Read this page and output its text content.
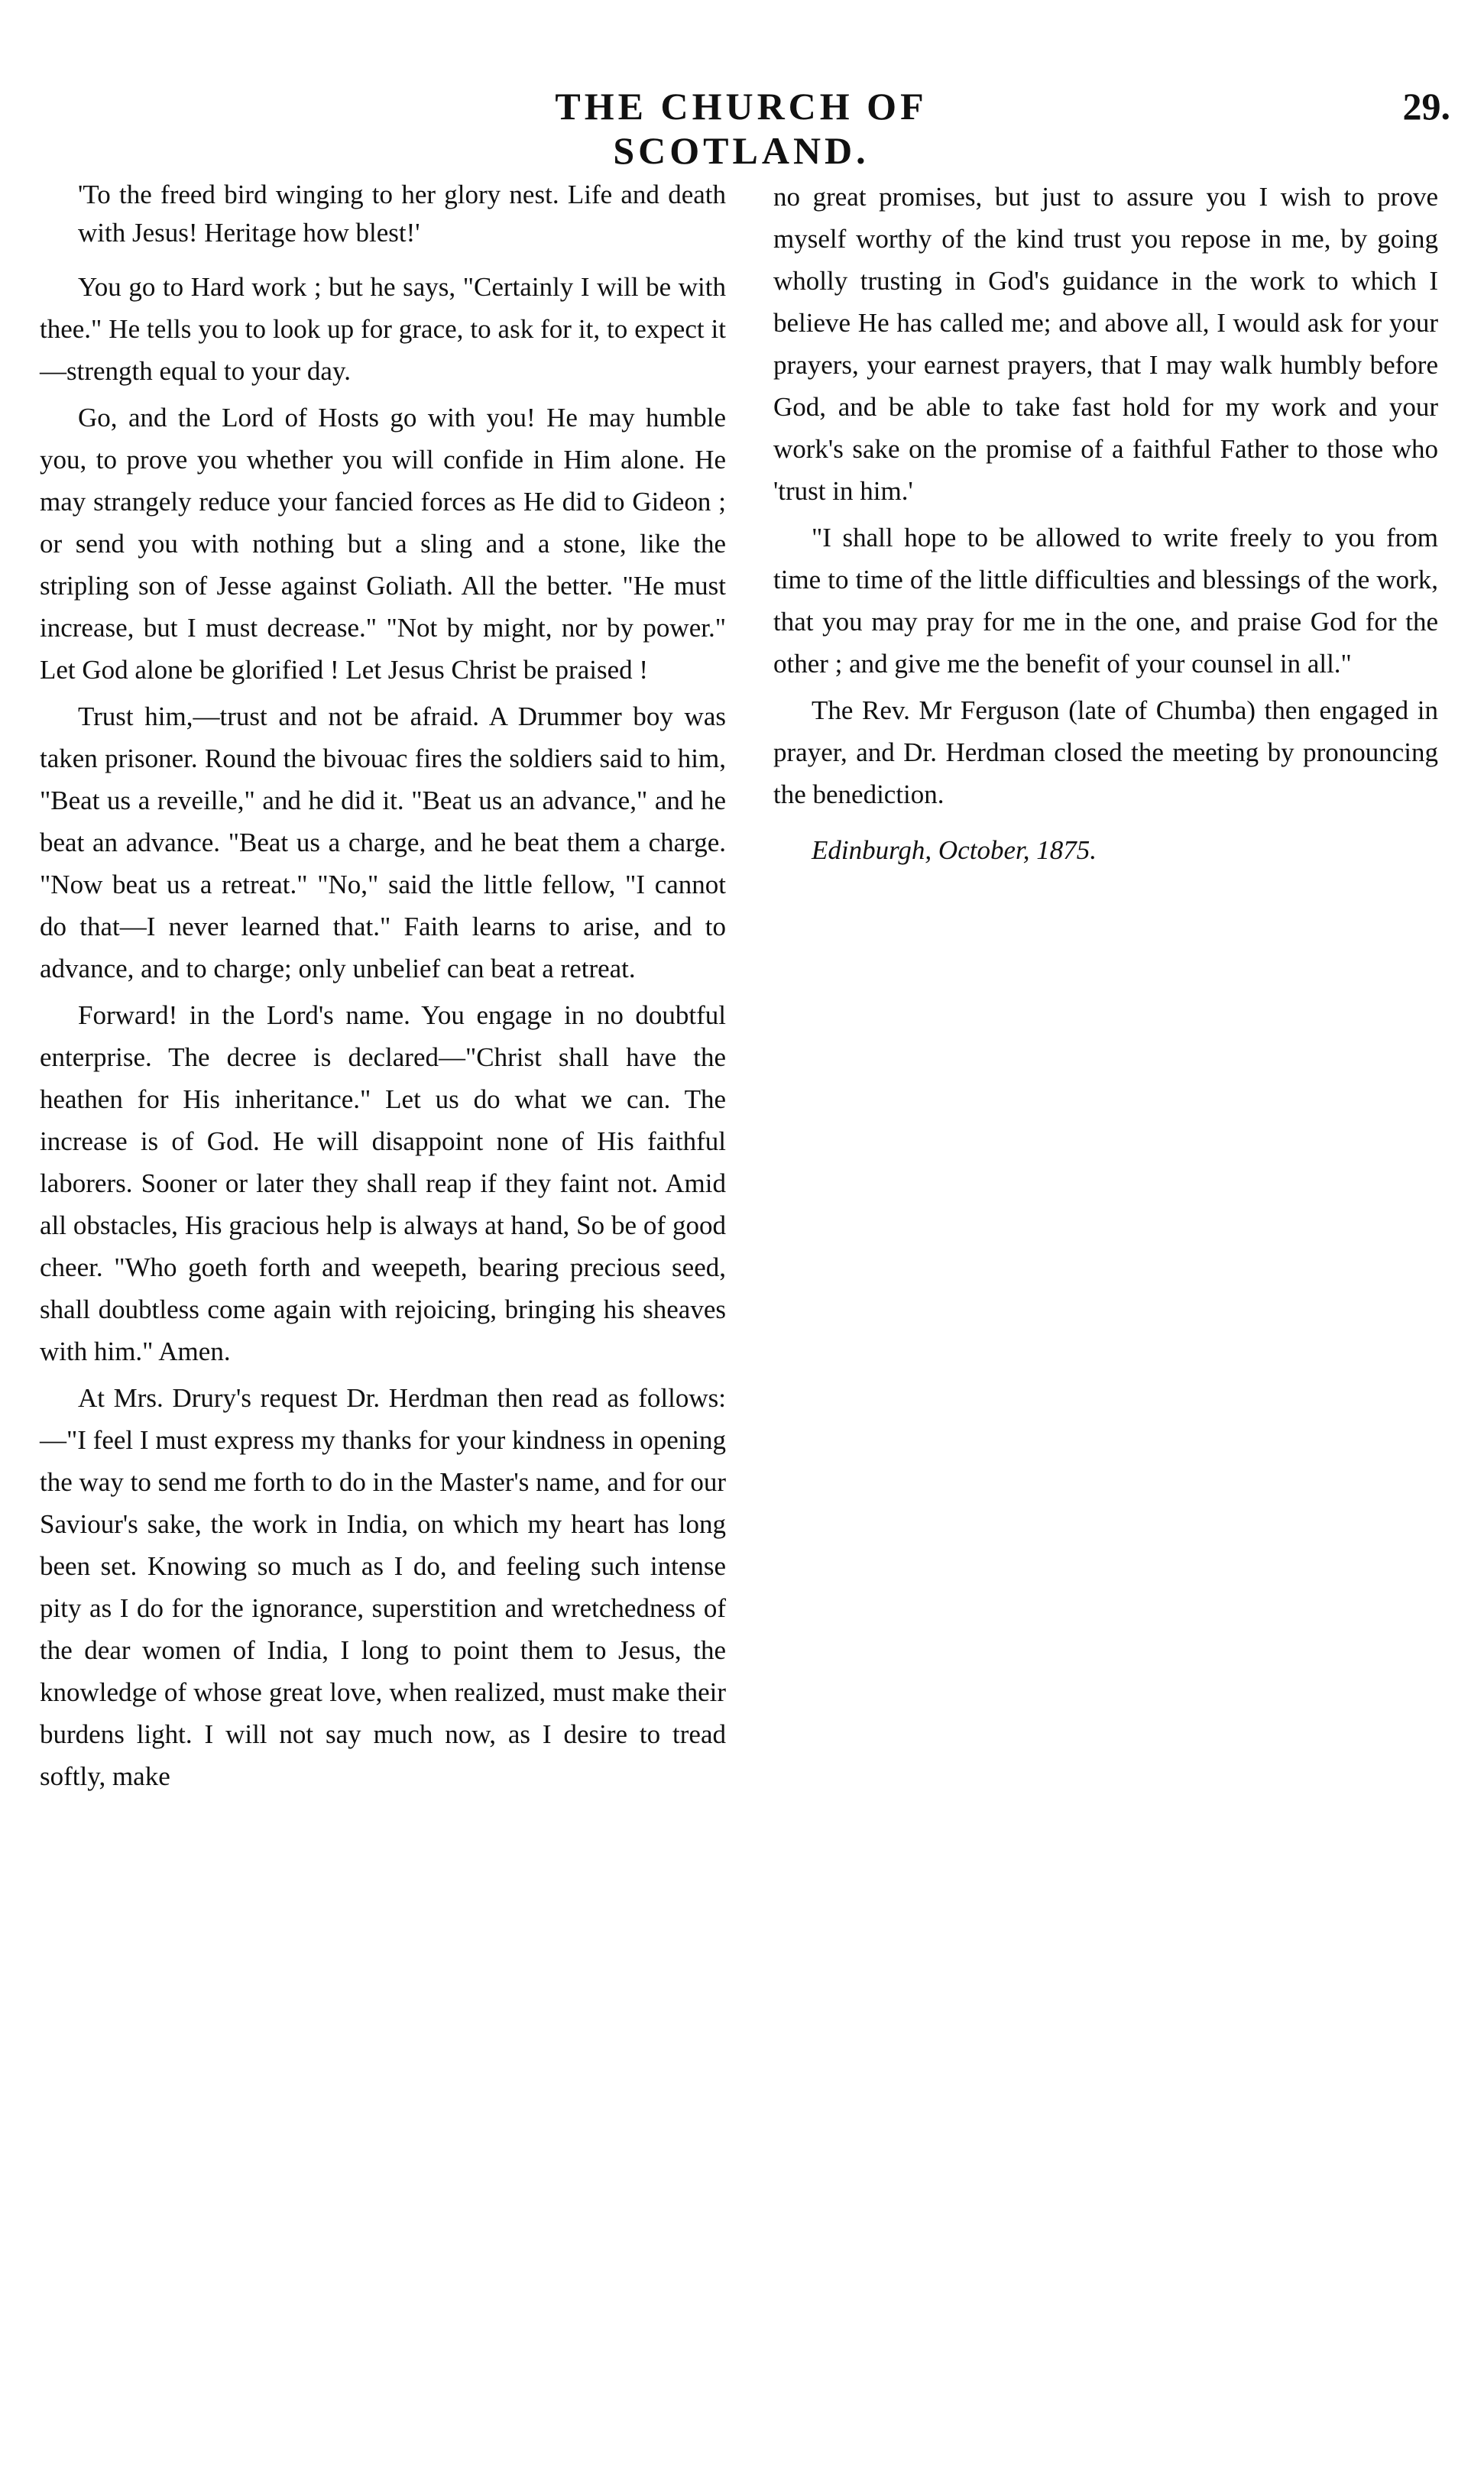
THE CHURCH OF SCOTLAND.
29.

'To the freed bird winging to her glory nest. Life and death with Jesus! Heritage how blest!'

You go to Hard work ; but he says, "Certainly I will be with thee." He tells you to look up for grace, to ask for it, to expect it—strength equal to your day.

Go, and the Lord of Hosts go with you! He may humble you, to prove you whether you will confide in Him alone. He may strangely reduce your fancied forces as He did to Gideon ; or send you with nothing but a sling and a stone, like the stripling son of Jesse against Goliath. All the better. "He must increase, but I must decrease." "Not by might, nor by power." Let God alone be glorified ! Let Jesus Christ be praised !

Trust him,—trust and not be afraid. A Drummer boy was taken prisoner. Round the bivouac fires the soldiers said to him, "Beat us a reveille," and he did it. "Beat us an advance," and he beat an advance. "Beat us a charge, and he beat them a charge. "Now beat us a retreat." "No," said the little fellow, "I cannot do that—I never learned that." Faith learns to arise, and to advance, and to charge; only unbelief can beat a retreat.

Forward! in the Lord's name. You engage in no doubtful enterprise. The decree is declared—"Christ shall have the heathen for His inheritance." Let us do what we can. The increase is of God. He will disappoint none of His faithful laborers. Sooner or later they shall reap if they faint not. Amid all obstacles, His gracious help is always at hand, So be of good cheer. "Who goeth forth and weepeth, bearing precious seed, shall doubtless come again with rejoicing, bringing his sheaves with him." Amen.

At Mrs. Drury's request Dr. Herdman then read as follows:—"I feel I must express my thanks for your kindness in opening the way to send me forth to do in the Master's name, and for our Saviour's sake, the work in India, on which my heart has long been set. Knowing so much as I do, and feeling such intense pity as I do for the ignorance, superstition and wretchedness of the dear women of India, I long to point them to Jesus, the knowledge of whose great love, when realized, must make their burdens light. I will not say much now, as I desire to tread softly, make

no great promises, but just to assure you I wish to prove myself worthy of the kind trust you repose in me, by going wholly trusting in God's guidance in the work to which I believe He has called me; and above all, I would ask for your prayers, your earnest prayers, that I may walk humbly before God, and be able to take fast hold for my work and your work's sake on the promise of a faithful Father to those who 'trust in him.'

"I shall hope to be allowed to write freely to you from time to time of the little difficulties and blessings of the work, that you may pray for me in the one, and praise God for the other ; and give me the benefit of your counsel in all."

The Rev. Mr Ferguson (late of Chumba) then engaged in prayer, and Dr. Herdman closed the meeting by pronouncing the benediction.

Edinburgh, October, 1875.
